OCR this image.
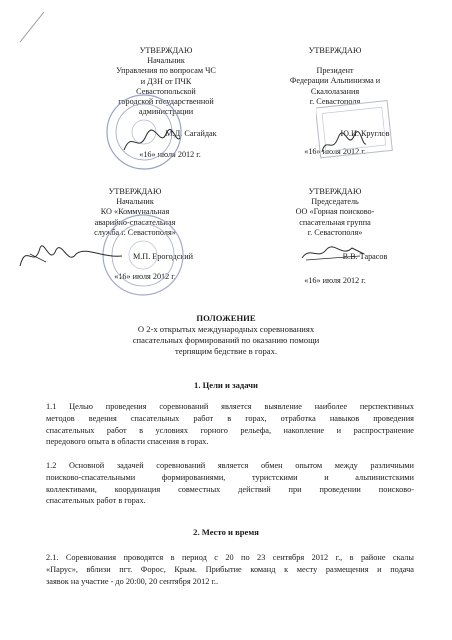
УТВЕРЖДАЮ
Начальник
Управления по вопросам ЧС
и ДЗН от ПЧК
Севастопольской
городской государственной
администрации
М.Д. Сагайдак
«16» июля 2012 г.
УТВЕРЖДАЮ
Президент
Федерации Альпинизма и
Скалолазания
г. Севастополя
Ю.И. Круглов
«16» июля 2012 г.
УТВЕРЖДАЮ
Начальник
КО «Коммунальная
аварийно-спасательная
служба г. Севастополя»
М.П. Ерогодский
«16» июля 2012 г.
УТВЕРЖДАЮ
Председатель
ОО «Горная поисково-
спасательная группа
г. Севастополя»
В.В. Тарасов
«16» июля 2012 г.
ПОЛОЖЕНИЕ
О 2-х открытых международных соревнованиях
спасательных формирований по оказанию помощи
терпящим бедствие в горах.
1. Цели и задачи
1.1 Целью проведения соревнований является выявление наиболее перспективных
методов ведения спасательных работ в горах, отработка навыков проведения
спасательных работ в условиях горного рельефа, накопление и распространение
передового опыта в области спасения в горах.
1.2 Основной задачей соревнований является обмен опытом между различными
поисково-спасательными формированиями, туристскими и альпинистскими
коллективами, координация совместных действий при проведении поисково-
спасательных работ в горах.
2. Место и время
2.1. Соревнования проводятся в период с 20 по 23 сентября 2012 г., в районе скалы
«Парус», вблизи пгт. Форос, Крым. Прибытие команд к месту размещения и подача
заявок на участие - до 20:00, 20 сентября 2012 г..
